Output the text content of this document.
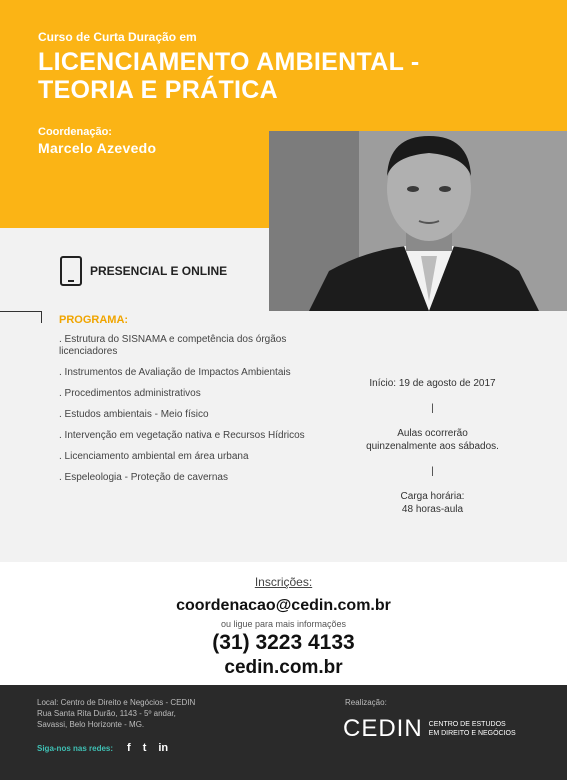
Curso de Curta Duração em
LICENCIAMENTO AMBIENTAL -
TEORIA E PRÁTICA
Coordenação:
Marcelo Azevedo
PRESENCIAL E ONLINE
PROGRAMA:
. Estrutura do SISNAMA e competência dos órgãos licenciadores
. Instrumentos de Avaliação de Impactos Ambientais
. Procedimentos administrativos
. Estudos ambientais - Meio físico
. Intervenção em vegetação nativa e Recursos Hídricos
. Licenciamento ambiental em área urbana
. Espeleologia - Proteção de cavernas
Início: 19 de agosto de 2017
|
Aulas ocorrerão
quinzenalmente aos sábados.
|
Carga horária:
48 horas-aula
Inscrições:
coordenacao@cedin.com.br
ou ligue para mais informações
(31) 3223 4133
cedin.com.br
Local: Centro de Direito e Negócios - CEDIN
Rua Santa Rita Durão, 1143 - 5º andar,
Savassi, Belo Horizonte - MG.
Siga-nos nas redes: f t in
Realização:
CEDIN CENTRO DE ESTUDOS
EM DIREITO E NEGÓCIOS
